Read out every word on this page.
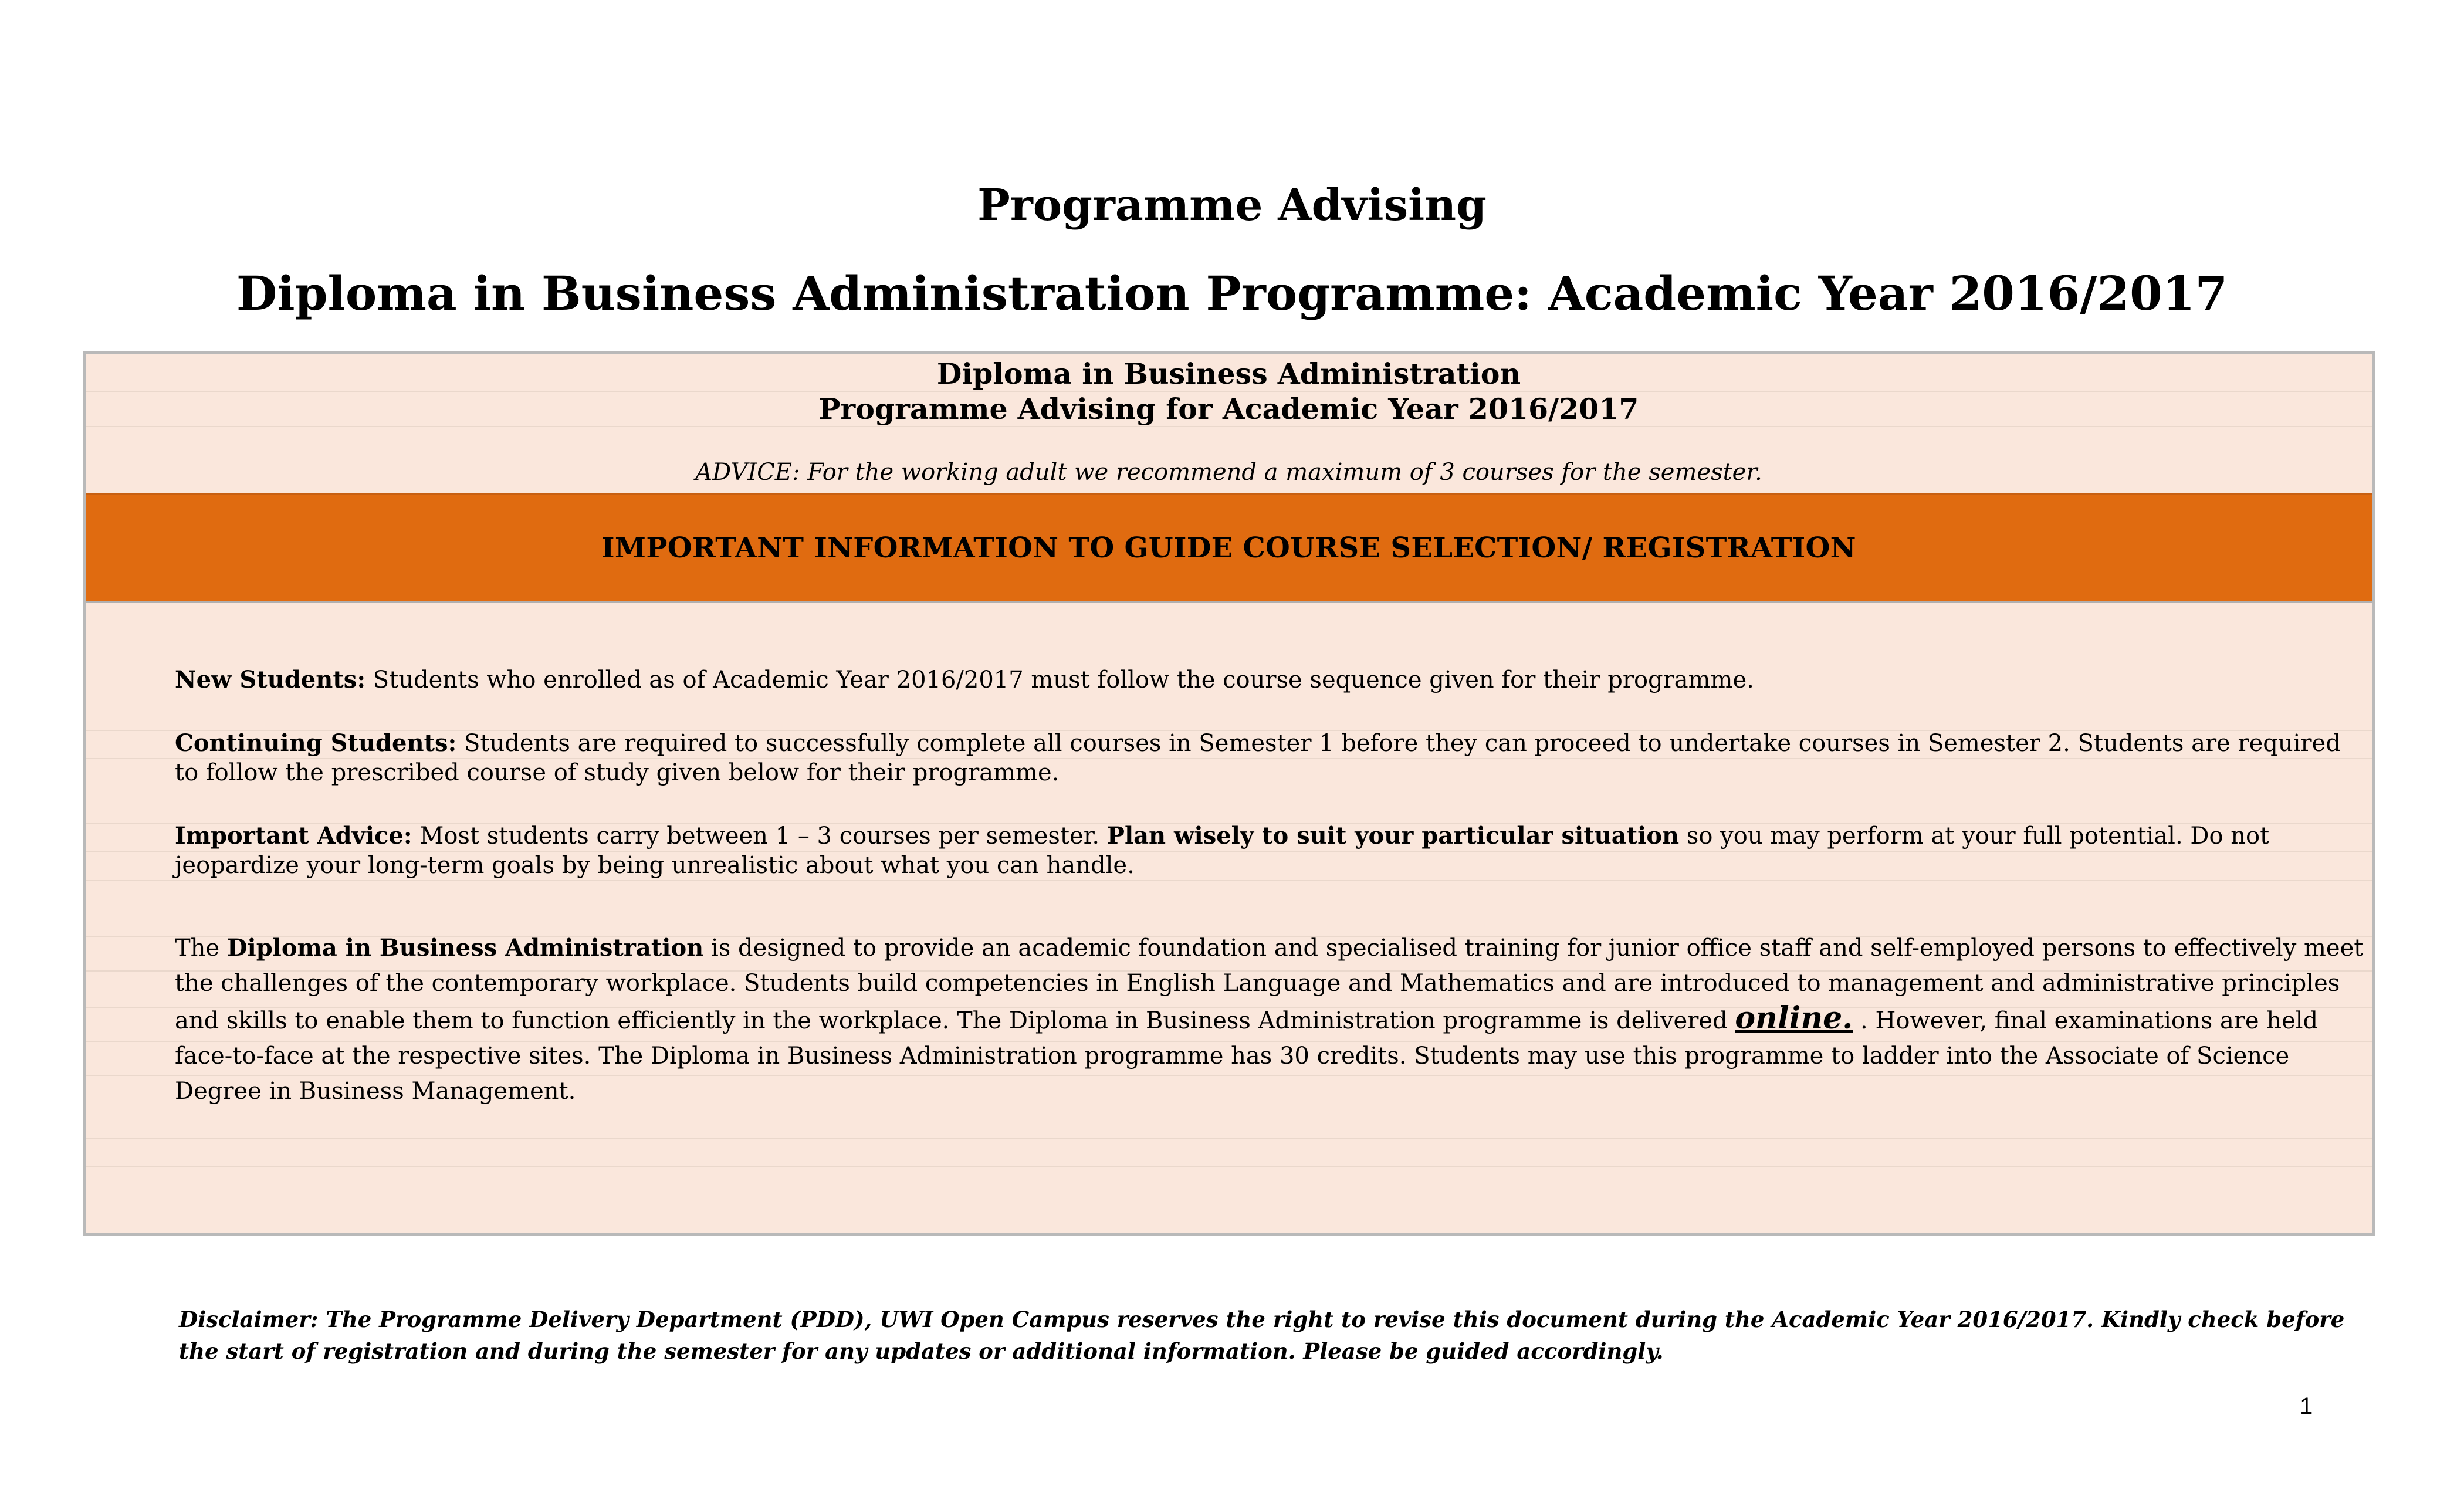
Programme Advising
Diploma in Business Administration Programme: Academic Year 2016/2017
Diploma in Business Administration
Programme Advising for Academic Year 2016/2017
ADVICE: For the working adult we recommend a maximum of 3 courses for the semester.
IMPORTANT INFORMATION TO GUIDE COURSE SELECTION/ REGISTRATION
New Students: Students who enrolled as of Academic Year 2016/2017 must follow the course sequence given for their programme.
Continuing Students: Students are required to successfully complete all courses in Semester 1 before they can proceed to undertake courses in Semester 2. Students are required to follow the prescribed course of study given below for their programme.
Important Advice: Most students carry between 1 – 3 courses per semester. Plan wisely to suit your particular situation so you may perform at your full potential. Do not jeopardize your long-term goals by being unrealistic about what you can handle.
The Diploma in Business Administration is designed to provide an academic foundation and specialised training for junior office staff and self-employed persons to effectively meet the challenges of the contemporary workplace. Students build competencies in English Language and Mathematics and are introduced to management and administrative principles and skills to enable them to function efficiently in the workplace. The Diploma in Business Administration programme is delivered online. . However, final examinations are held face-to-face at the respective sites. The Diploma in Business Administration programme has 30 credits. Students may use this programme to ladder into the Associate of Science Degree in Business Management.
Disclaimer: The Programme Delivery Department (PDD), UWI Open Campus reserves the right to revise this document during the Academic Year 2016/2017. Kindly check before the start of registration and during the semester for any updates or additional information. Please be guided accordingly.
1
